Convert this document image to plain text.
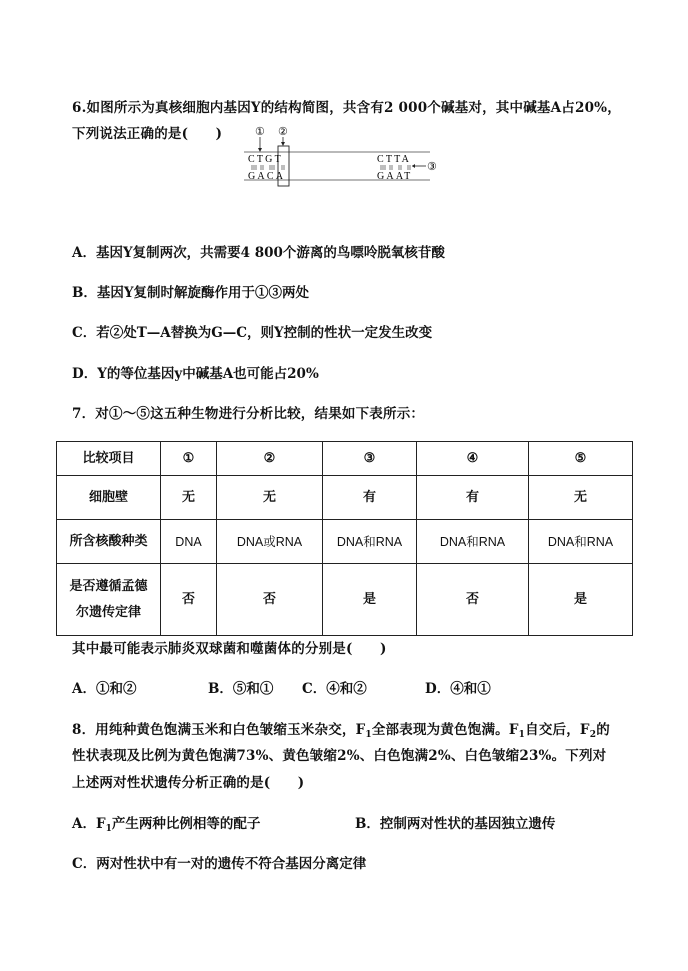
6.如图所示为真核细胞内基因Y的结构简图，共含有2 000个碱基对，其中碱基A占20%，
下列说法正确的是(　　)	① ②
CTGT
GACA
CTTA
GAAT
③
A．基因Y复制两次，共需要4 800个游离的鸟嘌呤脱氧核苷酸
B．基因Y复制时解旋酶作用于①③两处
C．若②处T—A替换为G—C，则Y控制的性状一定发生改变
D．Y的等位基因y中碱基A也可能占20%
7．对①～⑤这五种生物进行分析比较，结果如下表所示：
比较项目	①	②	③	④	⑤
细胞壁	无	无	有	有	无
所含核酸种类	DNA	DNA或RNA	DNA和RNA	DNA和RNA	DNA和RNA

是否遵循孟德
尔遗传定律	否	否	是	否	是
其中最可能表示肺炎双球菌和噬菌体的分别是(　　)
A．①和②	B．⑤和① C．④和②	D．④和①
8．用纯种黄色饱满玉米和白色皱缩玉米杂交，$F_1$全部表现为黄色饱满。$F_1$自交后，$F_2$的
性状表现及比例为黄色饱满73%、黄色皱缩2%、白色饱满2%、白色皱缩23%。下列对
上述两对性状遗传分析正确的是(　　)
A．$F_1$产生两种比例相等的配子	B．控制两对性状的基因独立遗传
C．两对性状中有一对的遗传不符合基因分离定律
